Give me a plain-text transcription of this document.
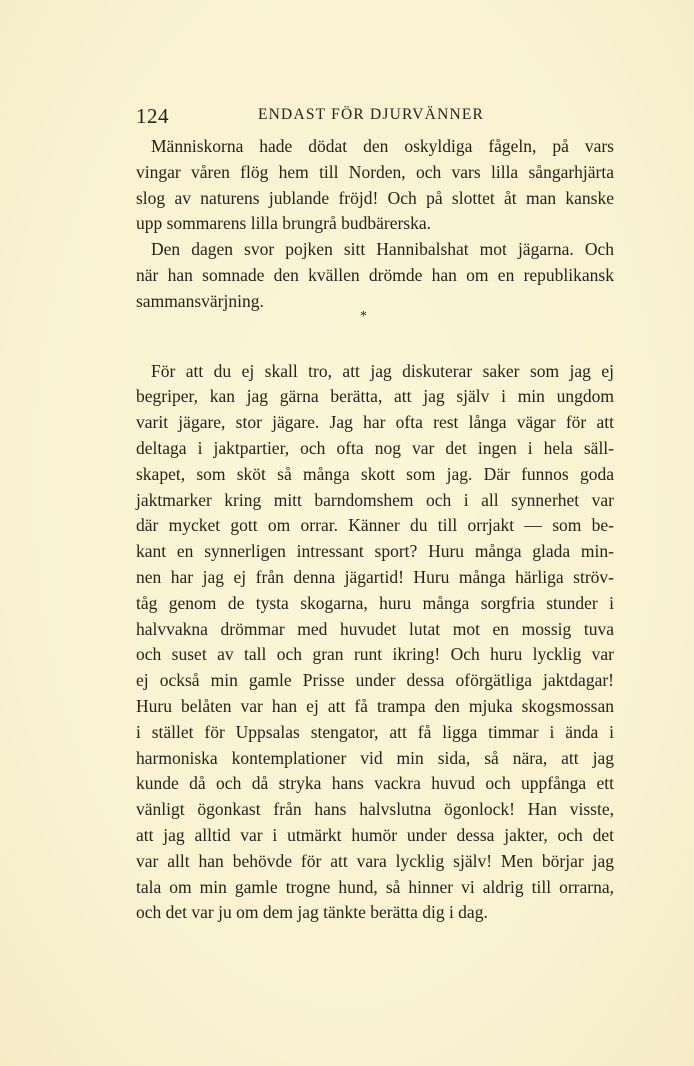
124	ENDAST FÖR DJURVÄNNER
Människorna hade dödat den oskyldiga fågeln, på vars
vingar våren flög hem till Norden, och vars lilla sångarhjärta
slog av naturens jublande fröjd! Och på slottet åt man kanske
upp sommarens lilla brungrå budbärerska.
Den dagen svor pojken sitt Hannibalshat mot jägarna. Och
när han somnade den kvällen drömde han om en republikansk
sammansvärjning.
*
För att du ej skall tro, att jag diskuterar saker som jag ej
begriper, kan jag gärna berätta, att jag själv i min ungdom
varit jägare, stor jägare. Jag har ofta rest långa vägar för att
deltaga i jaktpartier, och ofta nog var det ingen i hela säll-
skapet, som sköt så många skott som jag. Där funnos goda
jaktmarker kring mitt barndomshem och i all synnerhet var
där mycket gott om orrar. Känner du till orrjakt — som be-
kant en synnerligen intressant sport? Huru många glada min-
nen har jag ej från denna jägartid! Huru många härliga ströv-
tåg genom de tysta skogarna, huru många sorgfria stunder i
halvvakna drömmar med huvudet lutat mot en mossig tuva
och suset av tall och gran runt ikring! Och huru lycklig var
ej också min gamle Prisse under dessa oförgätliga jaktdagar!
Huru belåten var han ej att få trampa den mjuka skogsmossan
i stället för Uppsalas stengator, att få ligga timmar i ända i
harmoniska kontemplationer vid min sida, så nära, att jag
kunde då och då stryka hans vackra huvud och uppfånga ett
vänligt ögonkast från hans halvslutna ögonlock! Han visste,
att jag alltid var i utmärkt humör under dessa jakter, och det
var allt han behövde för att vara lycklig själv! Men börjar jag
tala om min gamle trogne hund, så hinner vi aldrig till orrarna,
och det var ju om dem jag tänkte berätta dig i dag.
